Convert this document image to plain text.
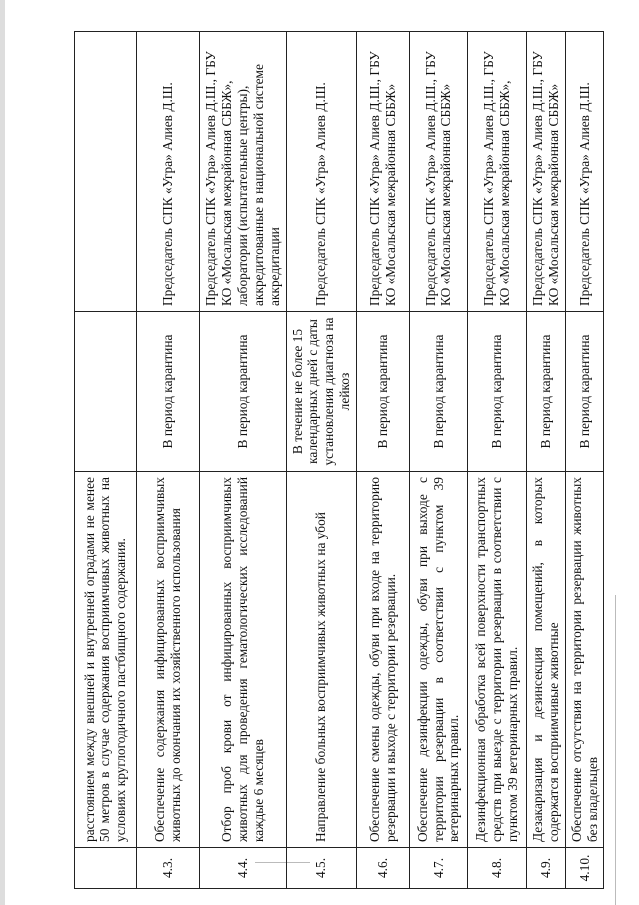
	расстоянием между внешней и внутренней оградами не менее 50 метров в случае содержания восприимчивых животных на условиях круглогодичного пастбищного содержания.		
4.3.	Обеспечение содержания инфицированных восприимчивых животных до окончания их хозяйственного использования	В период карантина	Председатель СПК «Угра» Алиев Д.Ш.
4.4.	Отбор проб крови от инфицированных восприимчивых животных для проведения гематологических исследований каждые 6 месяцев	В период карантина	Председатель СПК «Угра» Алиев Д.Ш., ГБУ КО «Мосальская межрайонная СББЖ», лаборатории (испытательные центры), аккредитованные в национальной системе аккредитации
4.5.	Направление больных восприимчивых животных на убой	В течение не более 15 календарных дней с даты установления диагноза на лейкоз	Председатель СПК «Угра» Алиев Д.Ш.
4.6.	Обеспечение смены одежды, обуви при входе на территорию резервации и выходе с территории резервации.	В период карантина	Председатель СПК «Угра» Алиев Д.Ш., ГБУ КО «Мосальская межрайонная СББЖ»
4.7.	Обеспечение дезинфекции одежды, обуви при выходе с территории резервации в соответствии с пунктом 39 ветеринарных правил.	В период карантина	Председатель СПК «Угра» Алиев Д.Ш., ГБУ КО «Мосальская межрайонная СББЖ»
4.8.	Дезинфекционная обработка всей поверхности транспортных средств при выезде с территории резервации в соответствии с пунктом 39 ветеринарных правил.	В период карантина	Председатель СПК «Угра» Алиев Д.Ш., ГБУ КО «Мосальская межрайонная СББЖ»,
4.9.	Дезакаризация и дезинсекция помещений, в которых содержатся восприимчивые животные	В период карантина	Председатель СПК «Угра» Алиев Д.Ш., ГБУ КО «Мосальская межрайонная СББЖ»
4.10.	Обеспечение отсутствия на территории резервации животных без владельцев	В период карантина	Председатель СПК «Угра» Алиев Д.Ш.
